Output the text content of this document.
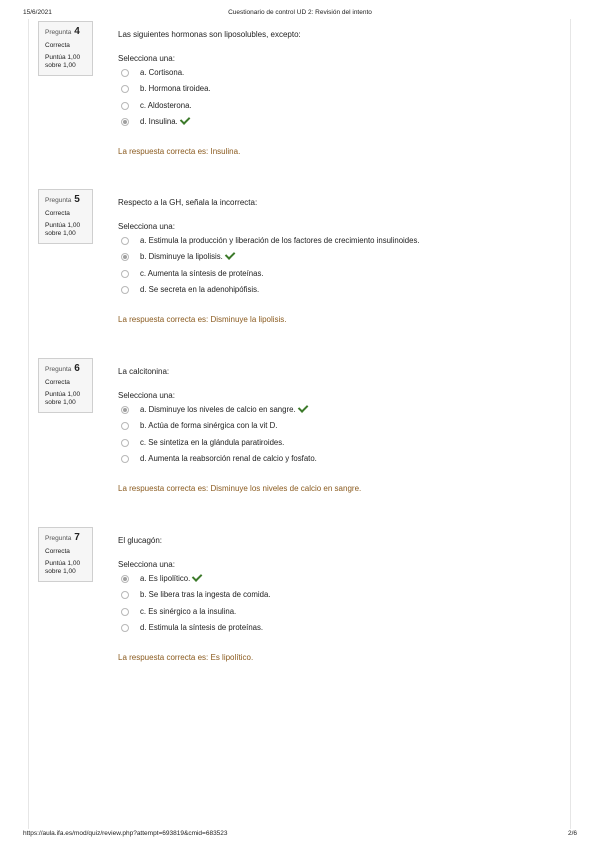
15/6/2021	Cuestionario de control UD 2: Revisión del intento
Pregunta 4
Correcta
Puntúa 1,00
sobre 1,00
Las siguientes hormonas son liposolubles, excepto:
Selecciona una:
a. Cortisona.
b. Hormona tiroidea.
c. Aldosterona.
d. Insulina.
La respuesta correcta es: Insulina.
Pregunta 5
Correcta
Puntúa 1,00
sobre 1,00
Respecto a la GH, señala la incorrecta:
Selecciona una:
a. Estimula la producción y liberación de los factores de crecimiento insulinoides.
b. Disminuye la lipolisis.
c. Aumenta la síntesis de proteínas.
d. Se secreta en la adenohipófisis.
La respuesta correcta es: Disminuye la lipolisis.
Pregunta 6
Correcta
Puntúa 1,00
sobre 1,00
La calcitonina:
Selecciona una:
a. Disminuye los niveles de calcio en sangre.
b. Actúa de forma sinérgica con la vit D.
c. Se sintetiza en la glándula paratiroides.
d. Aumenta la reabsorción renal de calcio y fosfato.
La respuesta correcta es: Disminuye los niveles de calcio en sangre.
Pregunta 7
Correcta
Puntúa 1,00
sobre 1,00
El glucagón:
Selecciona una:
a. Es lipolítico.
b. Se libera tras la ingesta de comida.
c. Es sinérgico a la insulina.
d. Estimula la síntesis de proteínas.
La respuesta correcta es: Es lipolítico.
https://aula.ifa.es/mod/quiz/review.php?attempt=693819&cmid=683523	2/6
